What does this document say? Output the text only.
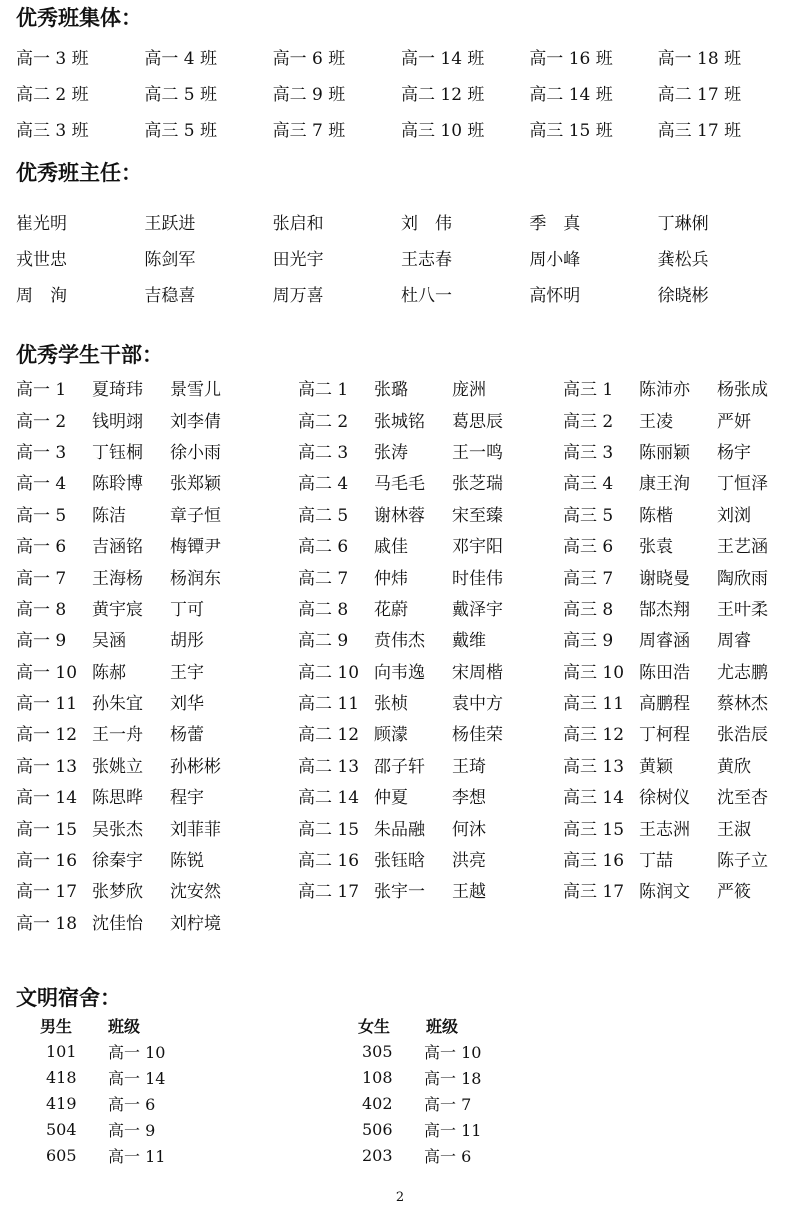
优秀班集体：
高一 3 班	高一 4 班	高一 6 班	高一 14 班	高一 16 班	高一 18 班
高二 2 班	高二 5 班	高二 9 班	高二 12 班	高二 14 班	高二 17 班
高三 3 班	高三 5 班	高三 7 班	高三 10 班	高三 15 班	高三 17 班
优秀班主任：
崔光明	王跃进	张启和	刘　伟	季　真	丁琳俐
戎世忠	陈剑军	田光宇	王志春	周小峰	龚松兵
周　洵	吉稳喜	周万喜	杜八一	高怀明	徐晓彬
优秀学生干部：
高一 1	夏琦玮	景雪儿
高一 2	钱明翊	刘李倩
高一 3	丁钰桐	徐小雨
高一 4	陈聆博	张郑颖
高一 5	陈洁	章子恒
高一 6	吉涵铭	梅镡尹
高一 7	王海杨	杨润东
高一 8	黄宇宸	丁可
高一 9	吴涵	胡彤
高一 10 陈郝	王宇
高一 11 孙朱宜	刘华
高一 12 王一舟	杨蕾
高一 13 张姚立	孙彬彬
高一 14 陈思晔	程宇
高一 15 吴张杰	刘菲菲
高一 16 徐秦宇	陈锐
高一 17 张梦欣	沈安然
高一 18 沈佳怡	刘柠境
高二 1	张璐	庞洲
高二 2	张城铭	葛思辰
高二 3	张涛	王一鸣
高二 4	马毛毛	张芝瑞
高二 5	谢林蓉	宋至臻
高二 6	戚佳	邓宇阳
高二 7	仲炜	时佳伟
高二 8	花蔚	戴泽宇
高二 9	贲伟杰	戴维
高二 10 向韦逸	宋周楷
高二 11 张桢	袁中方
高二 12 顾濛	杨佳荣
高二 13 邵子轩	王琦
高二 14 仲夏	李想
高二 15 朱品融	何沐
高二 16 张钰晗	洪亮
高二 17 张宇一	王越
高三 1	陈沛亦	杨张成
高三 2	王凌	严妍
高三 3	陈丽颖	杨宇
高三 4	康王洵	丁恒泽
高三 5	陈楷	刘浏
高三 6	张袁	王艺涵
高三 7	谢晓曼	陶欣雨
高三 8	郜杰翔	王叶柔
高三 9	周睿涵	周睿
高三 10 陈田浩	尤志鹏
高三 11 高鹏程	蔡林杰
高三 12 丁柯程	张浩辰
高三 13 黄颖	黄欣
高三 14 徐树仪	沈至杏
高三 15 王志洲	王淑
高三 16 丁喆	陈子立
高三 17 陈润文	严筱
文明宿舍：
男生	班级
101	高一 10
418	高一 14
419	高一 6
504	高一 9
605	高一 11
女生	班级
305	高一 10
108	高一 18
402	高一 7
506	高一 11
203	高一 6
2
